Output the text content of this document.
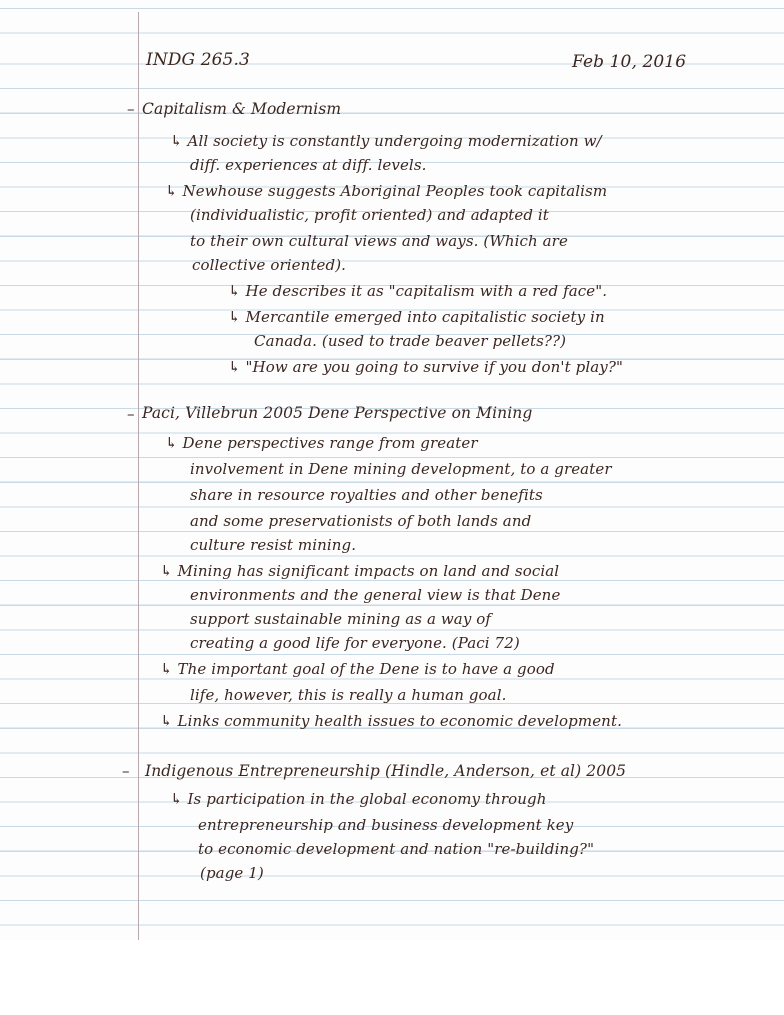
INDG 265.3	Feb 10, 2016
– Capitalism & Modernism
↳ All society is constantly undergoing modernization w/
diff. experiences at diff. levels.
↳ Newhouse suggests Aboriginal Peoples took capitalism
(individualistic, profit oriented) and adapted it
to their own cultural views and ways. (Which are
collective oriented).
↳ He describes it as "capitalism with a red face".
↳ Mercantile emerged into capitalistic society in
Canada. (used to trade beaver pellets??)
↳ "How are you going to survive if you don't play?"
– Paci, Villebrun 2005 Dene Perspective on Mining
↳ Dene perspectives range from greater
involvement in Dene mining development, to a greater
share in resource royalties and other benefits
and some preservationists of both lands and
culture resist mining.
↳ Mining has significant impacts on land and social
environments and the general view is that Dene
support sustainable mining as a way of
creating a good life for everyone. (Paci 72)
↳ The important goal of the Dene is to have a good
life, however, this is really a human goal.
↳ Links community health issues to economic development.
– Indigenous Entrepreneurship (Hindle, Anderson, et al) 2005
↳ Is participation in the global economy through
entrepreneurship and business development key
to economic development and nation "re-building?"
(page 1)
